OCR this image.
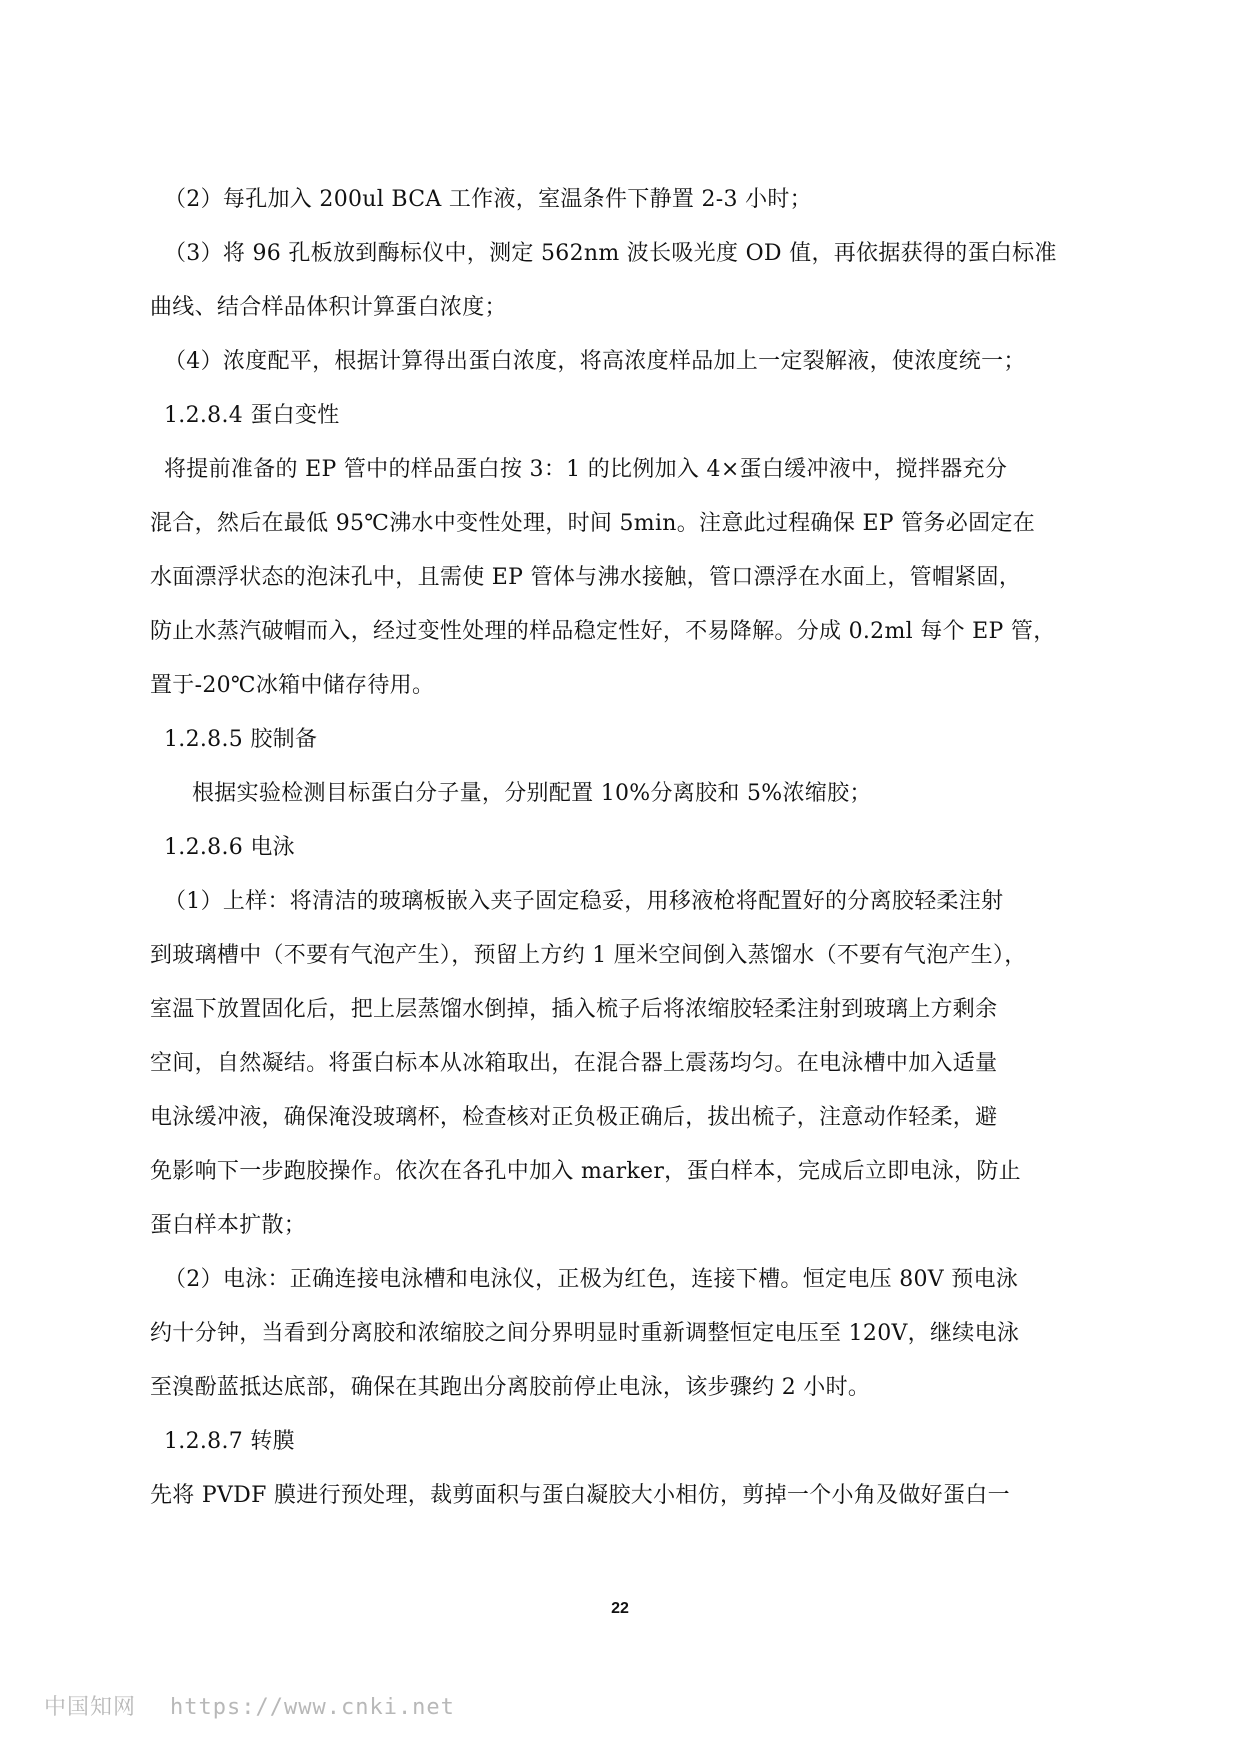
（2）每孔加入 200ul BCA 工作液，室温条件下静置 2-3 小时；
（3）将 96 孔板放到酶标仪中，测定 562nm 波长吸光度 OD 值，再依据获得的蛋白标准
曲线、结合样品体积计算蛋白浓度；
（4）浓度配平，根据计算得出蛋白浓度，将高浓度样品加上一定裂解液，使浓度统一；
1.2.8.4 蛋白变性
将提前准备的 EP 管中的样品蛋白按 3：1 的比例加入 4×蛋白缓冲液中，搅拌器充分
混合，然后在最低 95℃沸水中变性处理，时间 5min。注意此过程确保 EP 管务必固定在
水面漂浮状态的泡沫孔中，且需使 EP 管体与沸水接触，管口漂浮在水面上，管帽紧固，
防止水蒸汽破帽而入，经过变性处理的样品稳定性好，不易降解。分成 0.2ml 每个 EP 管，
置于-20℃冰箱中储存待用。
1.2.8.5 胶制备
根据实验检测目标蛋白分子量，分别配置 10%分离胶和 5%浓缩胶；
1.2.8.6 电泳
（1）上样：将清洁的玻璃板嵌入夹子固定稳妥，用移液枪将配置好的分离胶轻柔注射
到玻璃槽中（不要有气泡产生），预留上方约 1 厘米空间倒入蒸馏水（不要有气泡产生），
室温下放置固化后，把上层蒸馏水倒掉，插入梳子后将浓缩胶轻柔注射到玻璃上方剩余
空间，自然凝结。将蛋白标本从冰箱取出，在混合器上震荡均匀。在电泳槽中加入适量
电泳缓冲液，确保淹没玻璃杯，检查核对正负极正确后，拔出梳子，注意动作轻柔，避
免影响下一步跑胶操作。依次在各孔中加入 marker，蛋白样本，完成后立即电泳，防止
蛋白样本扩散；
（2）电泳：正确连接电泳槽和电泳仪，正极为红色，连接下槽。恒定电压 80V 预电泳
约十分钟，当看到分离胶和浓缩胶之间分界明显时重新调整恒定电压至 120V，继续电泳
至溴酚蓝抵达底部，确保在其跑出分离胶前停止电泳，该步骤约 2 小时。
1.2.8.7 转膜
先将 PVDF 膜进行预处理，裁剪面积与蛋白凝胶大小相仿，剪掉一个小角及做好蛋白一
22
中国知网 https://www.cnki.net
